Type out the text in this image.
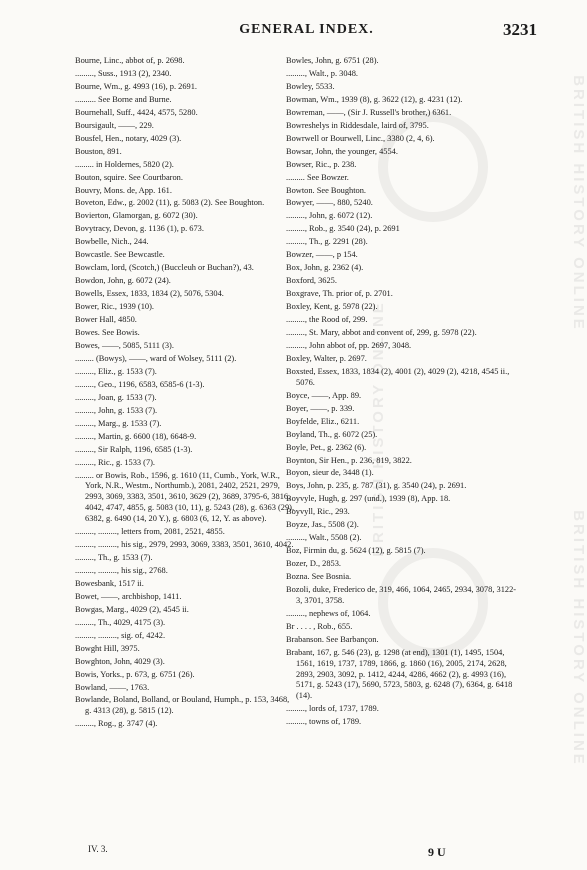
GENERAL INDEX.	3231
BRITISH HISTORY ONLINE
BRITISH HISTORY ONLINE
BRITISH HISTORY ONLINE

Bourne, Linc., abbot of, p. 2698.

........., Suss., 1913 (2), 2340.

Bourne, Wm., g. 4993 (16), p. 2691.

.......... See Borne and Burne.

Bournehall, Suff., 4424, 4575, 5280.

Boursigault, ——, 229.

Bousfel, Hen., notary, 4029 (3).

Bouston, 891.

......... in Holdernes, 5820 (2).

Bouton, squire. See Courtbaron.

Bouvry, Mons. de, App. 161.

Boveton, Edw., g. 2002 (11), g. 5083 (2). See Boughton.

Bovierton, Glamorgan, g. 6072 (30).

Bovytracy, Devon, g. 1136 (1), p. 673.

Bowbelle, Nich., 244.

Bowcastle. See Bewcastle.

Bowclam, lord, (Scotch,) (Buccleuh or Buchan?), 43.

Bowdon, John, g. 6072 (24).

Bowells, Essex, 1833, 1834 (2), 5076, 5304.

Bower, Ric., 1939 (10).

Bower Hall, 4850.

Bowes. See Bowis.

Bowes, ——, 5085, 5111 (3).

......... (Bowys), ——, ward of Wolsey, 5111 (2).

........., Eliz., g. 1533 (7).

........., Geo., 1196, 6583, 6585-6 (1-3).

........., Joan, g. 1533 (7).

........., John, g. 1533 (7).

........., Marg., g. 1533 (7).

........., Martin, g. 6600 (18), 6648-9.

........., Sir Ralph, 1196, 6585 (1-3).

........., Ric., g. 1533 (7).

......... or Bowis, Rob., 1596, g. 1610 (11, Cumb., York, W.R., York, N.R., Westm., Northumb.), 2081, 2402, 2521, 2979, 2993, 3069, 3383, 3501, 3610, 3629 (2), 3689, 3795-6, 3816, 4042, 4747, 4855, g. 5083 (10, 11), g. 5243 (28), g. 6363 (29), 6382, g. 6490 (14, 20 Y.), g. 6803 (6, 12, Y. as above).

........., ........., letters from, 2081, 2521, 4855.

........., ........., his sig., 2979, 2993, 3069, 3383, 3501, 3610, 4042.

........., Th., g. 1533 (7).

........., ........., his sig., 2768.

Bowesbank, 1517 ii.

Bowet, ——, archbishop, 1411.

Bowgas, Marg., 4029 (2), 4545 ii.

........., Th., 4029, 4175 (3).

........., ........., sig. of, 4242.

Bowght Hill, 3975.

Bowghton, John, 4029 (3).

Bowis, Yorks., p. 673, g. 6751 (26).

Bowland, ——, 1763.

Bowlande, Boland, Bolland, or Bouland, Humph., p. 153, 3468, g. 4313 (28), g. 5815 (12).

........., Rog., g. 3747 (4).

Bowles, John, g. 6751 (28).

........., Walt., p. 3048.

Bowley, 5533.

Bowman, Wm., 1939 (8), g. 3622 (12), g. 4231 (12).

Bowreman, ——, (Sir J. Russell's brother,) 6361.

Bowreshelys in Riddesdale, laird of, 3795.

Bowrwell or Bourwell, Linc., 3380 (2, 4, 6).

Bowsar, John, the younger, 4554.

Bowser, Ric., p. 238.

......... See Bowzer.

Bowton. See Boughton.

Bowyer, ——, 880, 5240.

........., John, g. 6072 (12).

........., Rob., g. 3540 (24), p. 2691

........., Th., g. 2291 (28).

Bowzer, ——, p 154.

Box, John, g. 2362 (4).

Boxford, 3625.

Boxgrave, Th. prior of, p. 2701.

Boxley, Kent, g. 5978 (22).

........., the Rood of, 299.

........., St. Mary, abbot and convent of, 299, g. 5978 (22).

........., John abbot of, pp. 2697, 3048.

Boxley, Walter, p. 2697.

Boxsted, Essex, 1833, 1834 (2), 4001 (2), 4029 (2), 4218, 4545 ii., 5076.

Boyce, ——, App. 89.

Boyer, ——, p. 339.

Boyfelde, Eliz., 6211.

Boyland, Th., g. 6072 (25).

Boyle, Pet., g. 2362 (6).

Boynton, Sir Hen., p. 236, 819, 3822.

Boyon, sieur de, 3448 (1).

Boys, John, p. 235, g. 787 (31), g. 3540 (24), p. 2691.

Boyvyle, Hugh, g. 297 (und.), 1939 (8), App. 18.

Boyvyll, Ric., 293.

Boyze, Jas., 5508 (2).

........., Walt., 5508 (2).

Boz, Firmin du, g. 5624 (12), g. 5815 (7).

Bozer, D., 2853.

Bozna. See Bosnia.

Bozoli, duke, Frederico de, 319, 466, 1064, 2465, 2934, 3078, 3122-3, 3701, 3758.

........., nephews of, 1064.

Br . . . . , Rob., 655.

Brabanson. See Barbançon.

Brabant, 167, g. 546 (23), g. 1298 (at end), 1301 (1), 1495, 1504, 1561, 1619, 1737, 1789, 1866, g. 1860 (16), 2005, 2174, 2628, 2893, 2903, 3092, p. 1412, 4244, 4286, 4662 (2), g. 4993 (16), 5171, g. 5243 (17), 5690, 5723, 5803, g. 6248 (7), 6364, g. 6418 (14).

........., lords of, 1737, 1789.

........., towns of, 1789.

IV. 3.	9 U
